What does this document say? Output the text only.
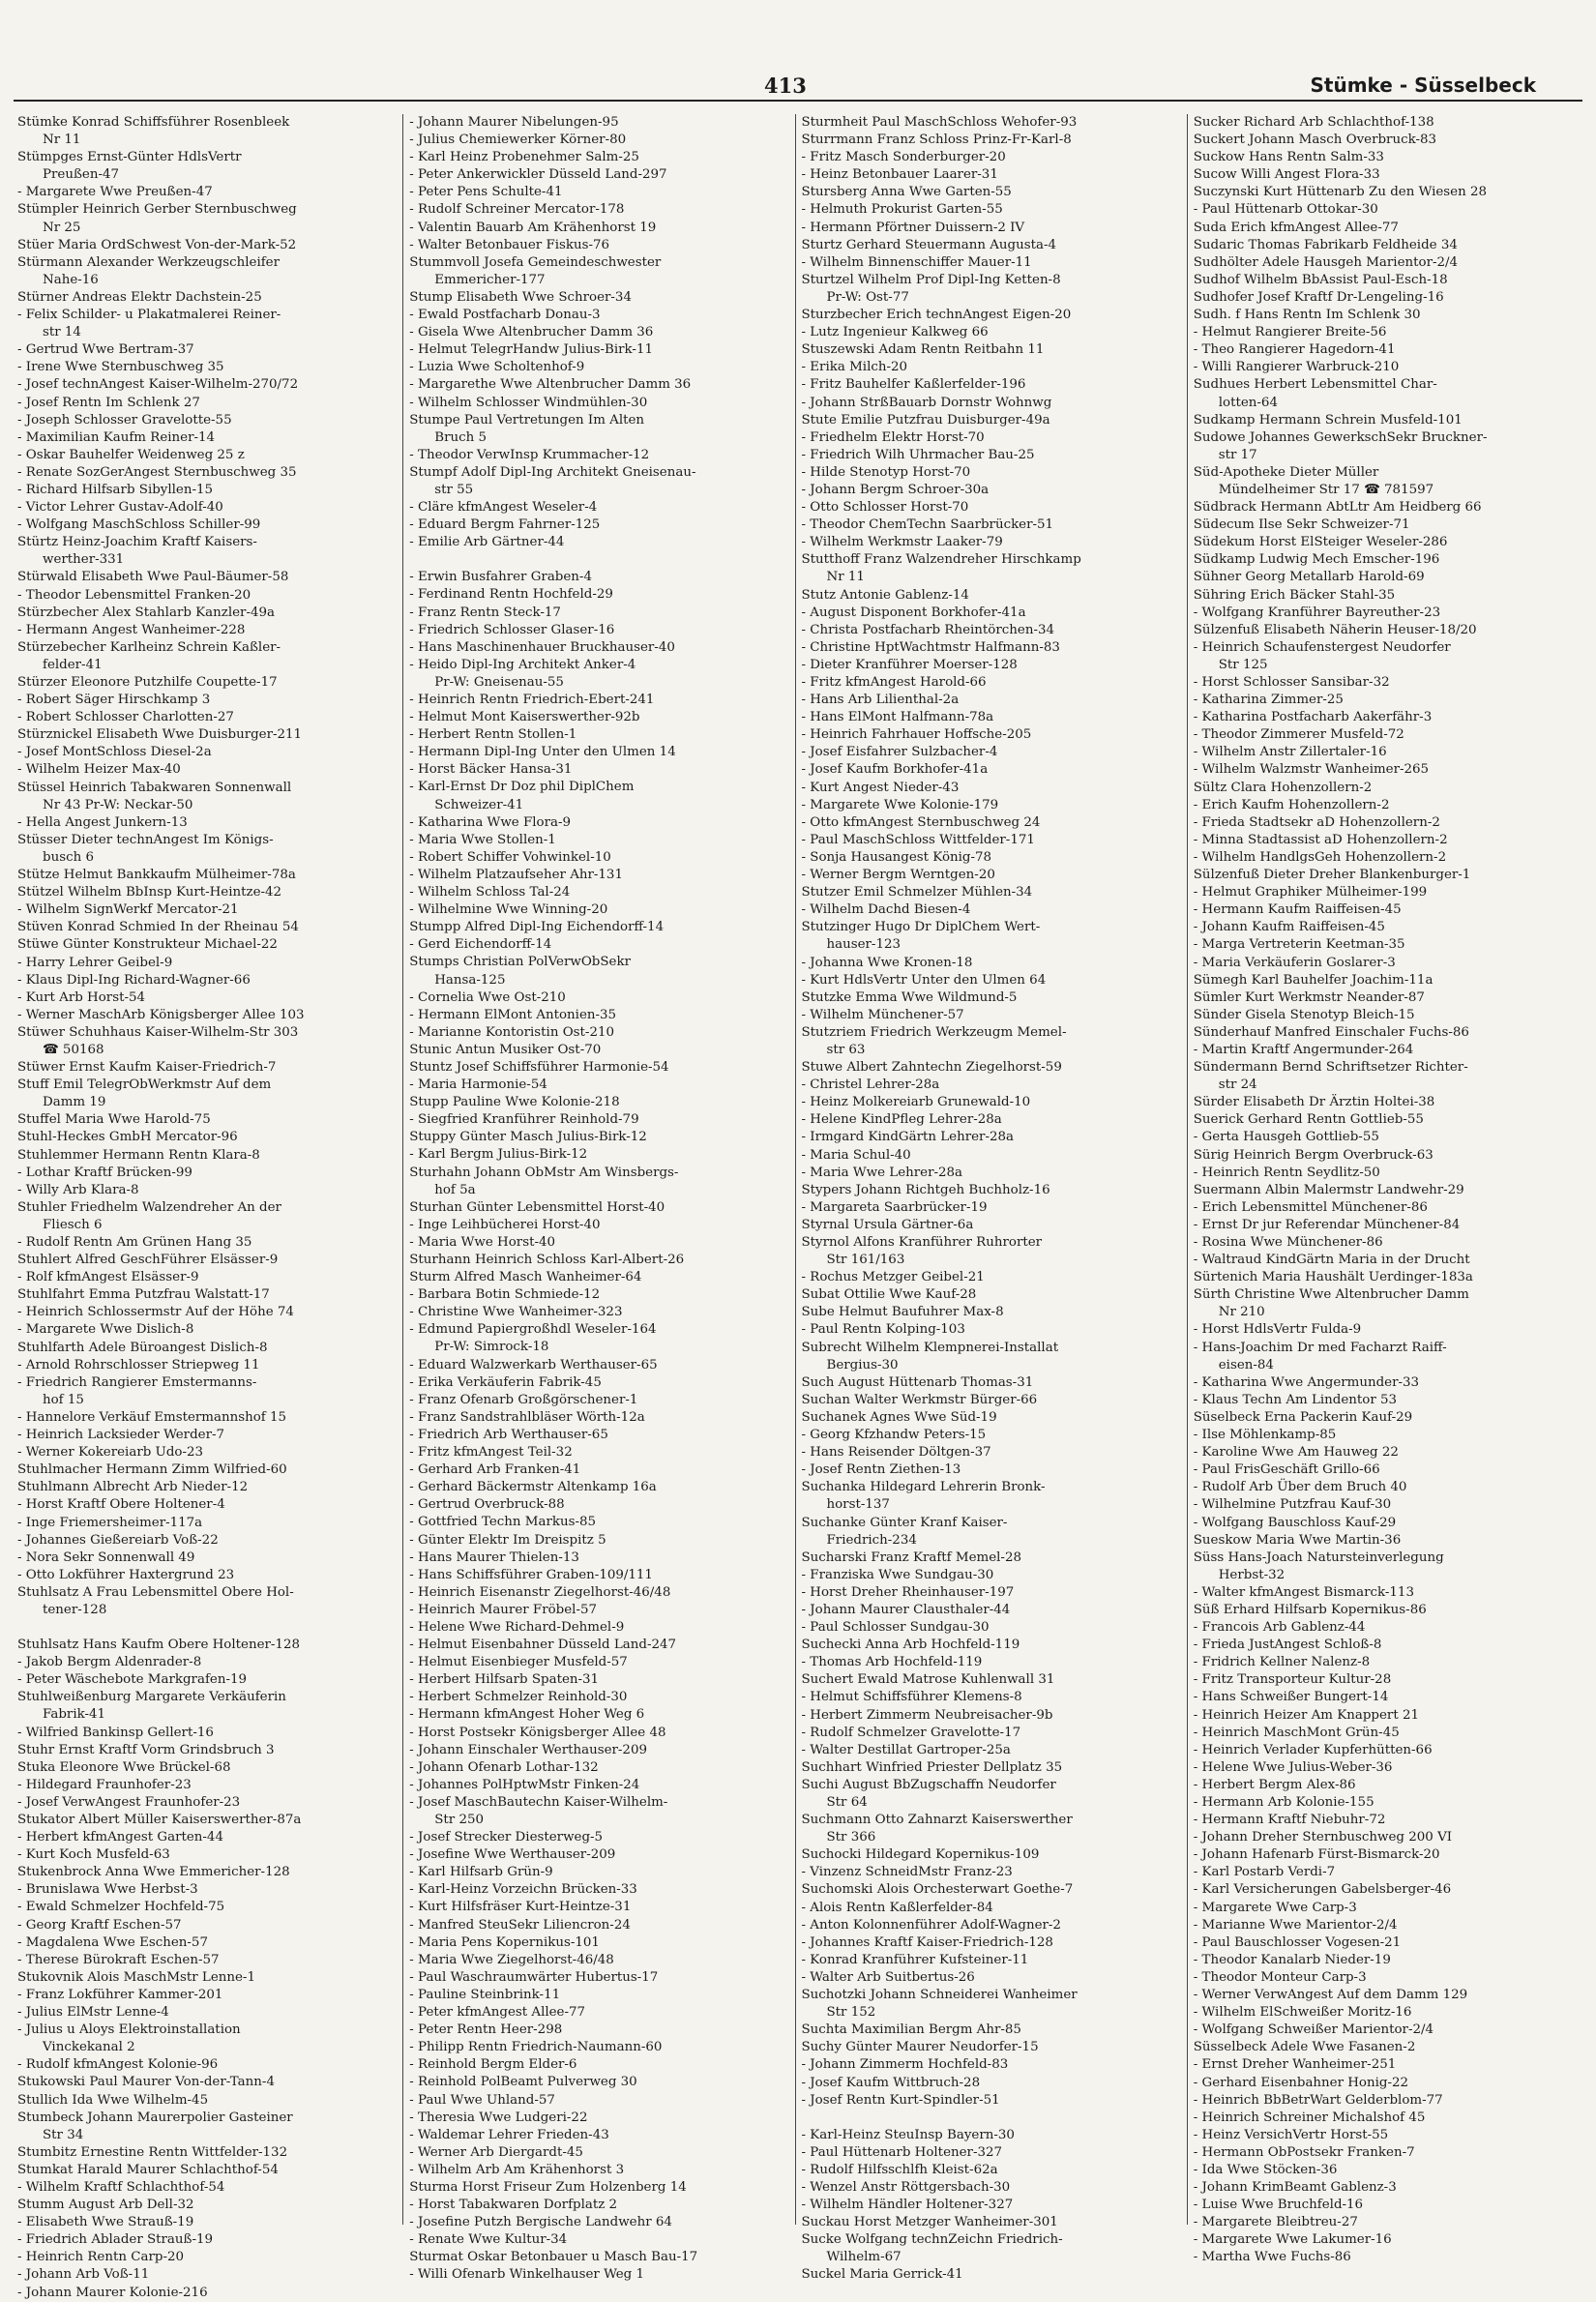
413	Stümke - Süsselbeck
Stümke Konrad Schiffsführer Rosenbleek
Nr 11
Stümpges Ernst-Günter HdlsVertr
Preußen-47
- Margarete Wwe Preußen-47
Stümpler Heinrich Gerber Sternbuschweg
Nr 25
Stüer Maria OrdSchwest Von-der-Mark-52
Stürmann Alexander Werkzeugschleifer
Nahe-16
Stürner Andreas Elektr Dachstein-25
- Felix Schilder- u Plakatmalerei Reiner-
str 14
- Gertrud Wwe Bertram-37
- Irene Wwe Sternbuschweg 35
- Josef technAngest Kaiser-Wilhelm-270/72
- Josef Rentn Im Schlenk 27
- Joseph Schlosser Gravelotte-55
- Maximilian Kaufm Reiner-14
- Oskar Bauhelfer Weidenweg 25 z
- Renate SozGerAngest Sternbuschweg 35
- Richard Hilfsarb Sibyllen-15
- Victor Lehrer Gustav-Adolf-40
- Wolfgang MaschSchloss Schiller-99
Stürtz Heinz-Joachim Kraftf Kaisers-
werther-331
Stürwald Elisabeth Wwe Paul-Bäumer-58
- Theodor Lebensmittel Franken-20
Stürzbecher Alex Stahlarb Kanzler-49a
- Hermann Angest Wanheimer-228
Stürzebecher Karlheinz Schrein Kaßler-
felder-41
Stürzer Eleonore Putzhilfe Coupette-17
- Robert Säger Hirschkamp 3
- Robert Schlosser Charlotten-27
Stürznickel Elisabeth Wwe Duisburger-211
- Josef MontSchloss Diesel-2a
- Wilhelm Heizer Max-40
Stüssel Heinrich Tabakwaren Sonnenwall
Nr 43 Pr-W: Neckar-50
- Hella Angest Junkern-13
Stüsser Dieter technAngest Im Königs-
busch 6
Stütze Helmut Bankkaufm Mülheimer-78a
Stützel Wilhelm BbInsp Kurt-Heintze-42
- Wilhelm SignWerkf Mercator-21
Stüven Konrad Schmied In der Rheinau 54
Stüwe Günter Konstrukteur Michael-22
- Harry Lehrer Geibel-9
- Klaus Dipl-Ing Richard-Wagner-66
- Kurt Arb Horst-54
- Werner MaschArb Königsberger Allee 103
Stüwer Schuhhaus Kaiser-Wilhelm-Str 303
☎ 50168
Stüwer Ernst Kaufm Kaiser-Friedrich-7
Stuff Emil TelegrObWerkmstr Auf dem
Damm 19
Stuffel Maria Wwe Harold-75
Stuhl-Heckes GmbH Mercator-96
Stuhlemmer Hermann Rentn Klara-8
- Lothar Kraftf Brücken-99
- Willy Arb Klara-8
Stuhler Friedhelm Walzendreher An der
Fliesch 6
- Rudolf Rentn Am Grünen Hang 35
Stuhlert Alfred GeschFührer Elsässer-9
- Rolf kfmAngest Elsässer-9
Stuhlfahrt Emma Putzfrau Walstatt-17
- Heinrich Schlossermstr Auf der Höhe 74
- Margarete Wwe Dislich-8
Stuhlfarth Adele Büroangest Dislich-8
- Arnold Rohrschlosser Striepweg 11
- Friedrich Rangierer Emstermanns-
hof 15
- Hannelore Verkäuf Emstermannshof 15
- Heinrich Lacksieder Werder-7
- Werner Kokereiarb Udo-23
Stuhlmacher Hermann Zimm Wilfried-60
Stuhlmann Albrecht Arb Nieder-12
- Horst Kraftf Obere Holtener-4
- Inge Friemersheimer-117a
- Johannes Gießereiarb Voß-22
- Nora Sekr Sonnenwall 49
- Otto Lokführer Haxtergrund 23
Stuhlsatz A Frau Lebensmittel Obere Hol-
tener-128
Stuhlsatz Hans Kaufm Obere Holtener-128
- Jakob Bergm Aldenrader-8
- Peter Wäschebote Markgrafen-19
Stuhlweißenburg Margarete Verkäuferin
Fabrik-41
- Wilfried Bankinsp Gellert-16
Stuhr Ernst Kraftf Vorm Grindsbruch 3
Stuka Eleonore Wwe Brückel-68
- Hildegard Fraunhofer-23
- Josef VerwAngest Fraunhofer-23
Stukator Albert Müller Kaiserswerther-87a
- Herbert kfmAngest Garten-44
- Kurt Koch Musfeld-63
Stukenbrock Anna Wwe Emmericher-128
- Brunislawa Wwe Herbst-3
- Ewald Schmelzer Hochfeld-75
- Georg Kraftf Eschen-57
- Magdalena Wwe Eschen-57
- Therese Bürokraft Eschen-57
Stukovnik Alois MaschMstr Lenne-1
- Franz Lokführer Kammer-201
- Julius ElMstr Lenne-4
- Julius u Aloys Elektroinstallation
Vinckekanal 2
- Rudolf kfmAngest Kolonie-96
Stukowski Paul Maurer Von-der-Tann-4
Stullich Ida Wwe Wilhelm-45
Stumbeck Johann Maurerpolier Gasteiner
Str 34
Stumbitz Ernestine Rentn Wittfelder-132
Stumkat Harald Maurer Schlachthof-54
- Wilhelm Kraftf Schlachthof-54
Stumm August Arb Dell-32
- Elisabeth Wwe Strauß-19
- Friedrich Ablader Strauß-19
- Heinrich Rentn Carp-20
- Johann Arb Voß-11
- Johann Maurer Kolonie-216
- Johann Maurer Nibelungen-95
- Julius Chemiewerker Körner-80
- Karl Heinz Probenehmer Salm-25
- Peter Ankerwickler Düsseld Land-297
- Peter Pens Schulte-41
- Rudolf Schreiner Mercator-178
- Valentin Bauarb Am Krähenhorst 19
- Walter Betonbauer Fiskus-76
Stummvoll Josefa Gemeindeschwester
Emmericher-177
Stump Elisabeth Wwe Schroer-34
- Ewald Postfacharb Donau-3
- Gisela Wwe Altenbrucher Damm 36
- Helmut TelegrHandw Julius-Birk-11
- Luzia Wwe Scholtenhof-9
- Margarethe Wwe Altenbrucher Damm 36
- Wilhelm Schlosser Windmühlen-30
Stumpe Paul Vertretungen Im Alten
Bruch 5
- Theodor VerwInsp Krummacher-12
Stumpf Adolf Dipl-Ing Architekt Gneisenau-
str 55
- Cläre kfmAngest Weseler-4
- Eduard Bergm Fahrner-125
- Emilie Arb Gärtner-44
- Erwin Busfahrer Graben-4
- Ferdinand Rentn Hochfeld-29
- Franz Rentn Steck-17
- Friedrich Schlosser Glaser-16
- Hans Maschinenhauer Bruckhauser-40
- Heido Dipl-Ing Architekt Anker-4
Pr-W: Gneisenau-55
- Heinrich Rentn Friedrich-Ebert-241
- Helmut Mont Kaiserswerther-92b
- Herbert Rentn Stollen-1
- Hermann Dipl-Ing Unter den Ulmen 14
- Horst Bäcker Hansa-31
- Karl-Ernst Dr Doz phil DiplChem
Schweizer-41
- Katharina Wwe Flora-9
- Maria Wwe Stollen-1
- Robert Schiffer Vohwinkel-10
- Wilhelm Platzaufseher Ahr-131
- Wilhelm Schloss Tal-24
- Wilhelmine Wwe Winning-20
Stumpp Alfred Dipl-Ing Eichendorff-14
- Gerd Eichendorff-14
Stumps Christian PolVerwObSekr
Hansa-125
- Cornelia Wwe Ost-210
- Hermann ElMont Antonien-35
- Marianne Kontoristin Ost-210
Stunic Antun Musiker Ost-70
Stuntz Josef Schiffsführer Harmonie-54
- Maria Harmonie-54
Stupp Pauline Wwe Kolonie-218
- Siegfried Kranführer Reinhold-79
Stuppy Günter Masch Julius-Birk-12
- Karl Bergm Julius-Birk-12
Sturhahn Johann ObMstr Am Winsbergs-
hof 5a
Sturhan Günter Lebensmittel Horst-40
- Inge Leihbücherei Horst-40
- Maria Wwe Horst-40
Sturhann Heinrich Schloss Karl-Albert-26
Sturm Alfred Masch Wanheimer-64
- Barbara Botin Schmiede-12
- Christine Wwe Wanheimer-323
- Edmund Papiergroßhdl Weseler-164
Pr-W: Simrock-18
- Eduard Walzwerkarb Werthauser-65
- Erika Verkäuferin Fabrik-45
- Franz Ofenarb Großgörschener-1
- Franz Sandstrahlbläser Wörth-12a
- Friedrich Arb Werthauser-65
- Fritz kfmAngest Teil-32
- Gerhard Arb Franken-41
- Gerhard Bäckermstr Altenkamp 16a
- Gertrud Overbruck-88
- Gottfried Techn Markus-85
- Günter Elektr Im Dreispitz 5
- Hans Maurer Thielen-13
- Hans Schiffsführer Graben-109/111
- Heinrich Eisenanstr Ziegelhorst-46/48
- Heinrich Maurer Fröbel-57
- Helene Wwe Richard-Dehmel-9
- Helmut Eisenbahner Düsseld Land-247
- Helmut Eisenbieger Musfeld-57
- Herbert Hilfsarb Spaten-31
- Herbert Schmelzer Reinhold-30
- Hermann kfmAngest Hoher Weg 6
- Horst Postsekr Königsberger Allee 48
- Johann Einschaler Werthauser-209
- Johann Ofenarb Lothar-132
- Johannes PolHptwMstr Finken-24
- Josef MaschBautechn Kaiser-Wilhelm-
Str 250
- Josef Strecker Diesterweg-5
- Josefine Wwe Werthauser-209
- Karl Hilfsarb Grün-9
- Karl-Heinz Vorzeichn Brücken-33
- Kurt Hilfsfräser Kurt-Heintze-31
- Manfred SteuSekr Liliencron-24
- Maria Pens Kopernikus-101
- Maria Wwe Ziegelhorst-46/48
- Paul Waschraumwärter Hubertus-17
- Pauline Steinbrink-11
- Peter kfmAngest Allee-77
- Peter Rentn Heer-298
- Philipp Rentn Friedrich-Naumann-60
- Reinhold Bergm Elder-6
- Reinhold PolBeamt Pulverweg 30
- Paul Wwe Uhland-57
- Theresia Wwe Ludgeri-22
- Waldemar Lehrer Frieden-43
- Werner Arb Diergardt-45
- Wilhelm Arb Am Krähenhorst 3
Sturma Horst Friseur Zum Holzenberg 14
- Horst Tabakwaren Dorfplatz 2
- Josefine Putzh Bergische Landwehr 64
- Renate Wwe Kultur-34
Sturmat Oskar Betonbauer u Masch Bau-17
- Willi Ofenarb Winkelhauser Weg 1
Sturmheit Paul MaschSchloss Wehofer-93
Sturrmann Franz Schloss Prinz-Fr-Karl-8
- Fritz Masch Sonderburger-20
- Heinz Betonbauer Laarer-31
Stursberg Anna Wwe Garten-55
- Helmuth Prokurist Garten-55
- Hermann Pförtner Duissern-2 IV
Sturtz Gerhard Steuermann Augusta-4
- Wilhelm Binnenschiffer Mauer-11
Sturtzel Wilhelm Prof Dipl-Ing Ketten-8
Pr-W: Ost-77
Sturzbecher Erich technAngest Eigen-20
- Lutz Ingenieur Kalkweg 66
Stuszewski Adam Rentn Reitbahn 11
- Erika Milch-20
- Fritz Bauhelfer Kaßlerfelder-196
- Johann StrßBauarb Dornstr Wohnwg
Stute Emilie Putzfrau Duisburger-49a
- Friedhelm Elektr Horst-70
- Friedrich Wilh Uhrmacher Bau-25
- Hilde Stenotyp Horst-70
- Johann Bergm Schroer-30a
- Otto Schlosser Horst-70
- Theodor ChemTechn Saarbrücker-51
- Wilhelm Werkmstr Laaker-79
Stutthoff Franz Walzendreher Hirschkamp
Nr 11
Stutz Antonie Gablenz-14
- August Disponent Borkhofer-41a
- Christa Postfacharb Rheintörchen-34
- Christine HptWachtmstr Halfmann-83
- Dieter Kranführer Moerser-128
- Fritz kfmAngest Harold-66
- Hans Arb Lilienthal-2a
- Hans ElMont Halfmann-78a
- Heinrich Fahrhauer Hoffsche-205
- Josef Eisfahrer Sulzbacher-4
- Josef Kaufm Borkhofer-41a
- Kurt Angest Nieder-43
- Margarete Wwe Kolonie-179
- Otto kfmAngest Sternbuschweg 24
- Paul MaschSchloss Wittfelder-171
- Sonja Hausangest König-78
- Werner Bergm Werntgen-20
Stutzer Emil Schmelzer Mühlen-34
- Wilhelm Dachd Biesen-4
Stutzinger Hugo Dr DiplChem Wert-
hauser-123
- Johanna Wwe Kronen-18
- Kurt HdlsVertr Unter den Ulmen 64
Stutzke Emma Wwe Wildmund-5
- Wilhelm Münchener-57
Stutzriem Friedrich Werkzeugm Memel-
str 63
Stuwe Albert Zahntechn Ziegelhorst-59
- Christel Lehrer-28a
- Heinz Molkereiarb Grunewald-10
- Helene KindPfleg Lehrer-28a
- Irmgard KindGärtn Lehrer-28a
- Maria Schul-40
- Maria Wwe Lehrer-28a
Stypers Johann Richtgeh Buchholz-16
- Margareta Saarbrücker-19
Styrnal Ursula Gärtner-6a
Styrnol Alfons Kranführer Ruhrorter
Str 161/163
- Rochus Metzger Geibel-21
Subat Ottilie Wwe Kauf-28
Sube Helmut Baufuhrer Max-8
- Paul Rentn Kolping-103
Subrecht Wilhelm Klempnerei-Installat
Bergius-30
Such August Hüttenarb Thomas-31
Suchan Walter Werkmstr Bürger-66
Suchanek Agnes Wwe Süd-19
- Georg Kfzhandw Peters-15
- Hans Reisender Döltgen-37
- Josef Rentn Ziethen-13
Suchanka Hildegard Lehrerin Bronk-
horst-137
Suchanke Günter Kranf Kaiser-
Friedrich-234
Sucharski Franz Kraftf Memel-28
- Franziska Wwe Sundgau-30
- Horst Dreher Rheinhauser-197
- Johann Maurer Clausthaler-44
- Paul Schlosser Sundgau-30
Suchecki Anna Arb Hochfeld-119
- Thomas Arb Hochfeld-119
Suchert Ewald Matrose Kuhlenwall 31
- Helmut Schiffsführer Klemens-8
- Herbert Zimmerm Neubreisacher-9b
- Rudolf Schmelzer Gravelotte-17
- Walter Destillat Gartroper-25a
Suchhart Winfried Priester Dellplatz 35
Suchi August BbZugschaffn Neudorfer
Str 64
Suchmann Otto Zahnarzt Kaiserswerther
Str 366
Suchocki Hildegard Kopernikus-109
- Vinzenz SchneidMstr Franz-23
Suchomski Alois Orchesterwart Goethe-7
- Alois Rentn Kaßlerfelder-84
- Anton Kolonnenführer Adolf-Wagner-2
- Johannes Kraftf Kaiser-Friedrich-128
- Konrad Kranführer Kufsteiner-11
- Walter Arb Suitbertus-26
Suchotzki Johann Schneiderei Wanheimer
Str 152
Suchta Maximilian Bergm Ahr-85
Suchy Günter Maurer Neudorfer-15
- Johann Zimmerm Hochfeld-83
- Josef Kaufm Wittbruch-28
- Josef Rentn Kurt-Spindler-51
- Karl-Heinz SteuInsp Bayern-30
- Paul Hüttenarb Holtener-327
- Rudolf Hilfsschlfh Kleist-62a
- Wenzel Anstr Röttgersbach-30
- Wilhelm Händler Holtener-327
Suckau Horst Metzger Wanheimer-301
Sucke Wolfgang technZeichn Friedrich-
Wilhelm-67
Suckel Maria Gerrick-41
Sucker Richard Arb Schlachthof-138
Suckert Johann Masch Overbruck-83
Suckow Hans Rentn Salm-33
Sucow Willi Angest Flora-33
Suczynski Kurt Hüttenarb Zu den Wiesen 28
- Paul Hüttenarb Ottokar-30
Suda Erich kfmAngest Allee-77
Sudaric Thomas Fabrikarb Feldheide 34
Sudhölter Adele Hausgeh Marientor-2/4
Sudhof Wilhelm BbAssist Paul-Esch-18
Sudhofer Josef Kraftf Dr-Lengeling-16
Sudh. f Hans Rentn Im Schlenk 30
- Helmut Rangierer Breite-56
- Theo Rangierer Hagedorn-41
- Willi Rangierer Warbruck-210
Sudhues Herbert Lebensmittel Char-
lotten-64
Sudkamp Hermann Schrein Musfeld-101
Sudowe Johannes GewerkschSekr Bruckner-
str 17
Süd-Apotheke Dieter Müller
Mündelheimer Str 17 ☎ 781597
Südbrack Hermann AbtLtr Am Heidberg 66
Südecum Ilse Sekr Schweizer-71
Südekum Horst ElSteiger Weseler-286
Südkamp Ludwig Mech Emscher-196
Sühner Georg Metallarb Harold-69
Sühring Erich Bäcker Stahl-35
- Wolfgang Kranführer Bayreuther-23
Sülzenfuß Elisabeth Näherin Heuser-18/20
- Heinrich Schaufenstergest Neudorfer
Str 125
- Horst Schlosser Sansibar-32
- Katharina Zimmer-25
- Katharina Postfacharb Aakerfähr-3
- Theodor Zimmerer Musfeld-72
- Wilhelm Anstr Zillertaler-16
- Wilhelm Walzmstr Wanheimer-265
Sültz Clara Hohenzollern-2
- Erich Kaufm Hohenzollern-2
- Frieda Stadtsekr aD Hohenzollern-2
- Minna Stadtassist aD Hohenzollern-2
- Wilhelm HandlgsGeh Hohenzollern-2
Sülzenfuß Dieter Dreher Blankenburger-1
- Helmut Graphiker Mülheimer-199
- Hermann Kaufm Raiffeisen-45
- Johann Kaufm Raiffeisen-45
- Marga Vertreterin Keetman-35
- Maria Verkäuferin Goslarer-3
Sümegh Karl Bauhelfer Joachim-11a
Sümler Kurt Werkmstr Neander-87
Sünder Gisela Stenotyp Bleich-15
Sünderhauf Manfred Einschaler Fuchs-86
- Martin Kraftf Angermunder-264
Sündermann Bernd Schriftsetzer Richter-
str 24
Sürder Elisabeth Dr Ärztin Holtei-38
Suerick Gerhard Rentn Gottlieb-55
- Gerta Hausgeh Gottlieb-55
Sürig Heinrich Bergm Overbruck-63
- Heinrich Rentn Seydlitz-50
Suermann Albin Malermstr Landwehr-29
- Erich Lebensmittel Münchener-86
- Ernst Dr jur Referendar Münchener-84
- Rosina Wwe Münchener-86
- Waltraud KindGärtn Maria in der Drucht
Sürtenich Maria Haushält Uerdinger-183a
Sürth Christine Wwe Altenbrucher Damm
Nr 210
- Horst HdlsVertr Fulda-9
- Hans-Joachim Dr med Facharzt Raiff-
eisen-84
- Katharina Wwe Angermunder-33
- Klaus Techn Am Lindentor 53
Süselbeck Erna Packerin Kauf-29
- Ilse Möhlenkamp-85
- Karoline Wwe Am Hauweg 22
- Paul FrisGeschäft Grillo-66
- Rudolf Arb Über dem Bruch 40
- Wilhelmine Putzfrau Kauf-30
- Wolfgang Bauschloss Kauf-29
Sueskow Maria Wwe Martin-36
Süss Hans-Joach Natursteinverlegung
Herbst-32
- Walter kfmAngest Bismarck-113
Süß Erhard Hilfsarb Kopernikus-86
- Francois Arb Gablenz-44
- Frieda JustAngest Schloß-8
- Fridrich Kellner Nalenz-8
- Fritz Transporteur Kultur-28
- Hans Schweißer Bungert-14
- Heinrich Heizer Am Knappert 21
- Heinrich MaschMont Grün-45
- Heinrich Verlader Kupferhütten-66
- Helene Wwe Julius-Weber-36
- Herbert Bergm Alex-86
- Hermann Arb Kolonie-155
- Hermann Kraftf Niebuhr-72
- Johann Dreher Sternbuschweg 200 VI
- Johann Hafenarb Fürst-Bismarck-20
- Karl Postarb Verdi-7
- Karl Versicherungen Gabelsberger-46
- Margarete Wwe Carp-3
- Marianne Wwe Marientor-2/4
- Paul Bauschlosser Vogesen-21
- Theodor Kanalarb Nieder-19
- Theodor Monteur Carp-3
- Werner VerwAngest Auf dem Damm 129
- Wilhelm ElSchweißer Moritz-16
- Wolfgang Schweißer Marientor-2/4
Süsselbeck Adele Wwe Fasanen-2
- Ernst Dreher Wanheimer-251
- Gerhard Eisenbahner Honig-22
- Heinrich BbBetrWart Gelderblom-77
- Heinrich Schreiner Michalshof 45
- Heinz VersichVertr Horst-55
- Hermann ObPostsekr Franken-7
- Ida Wwe Stöcken-36
- Johann KrimBeamt Gablenz-3
- Luise Wwe Bruchfeld-16
- Margarete Bleibtreu-27
- Margarete Wwe Lakumer-16
- Martha Wwe Fuchs-86
